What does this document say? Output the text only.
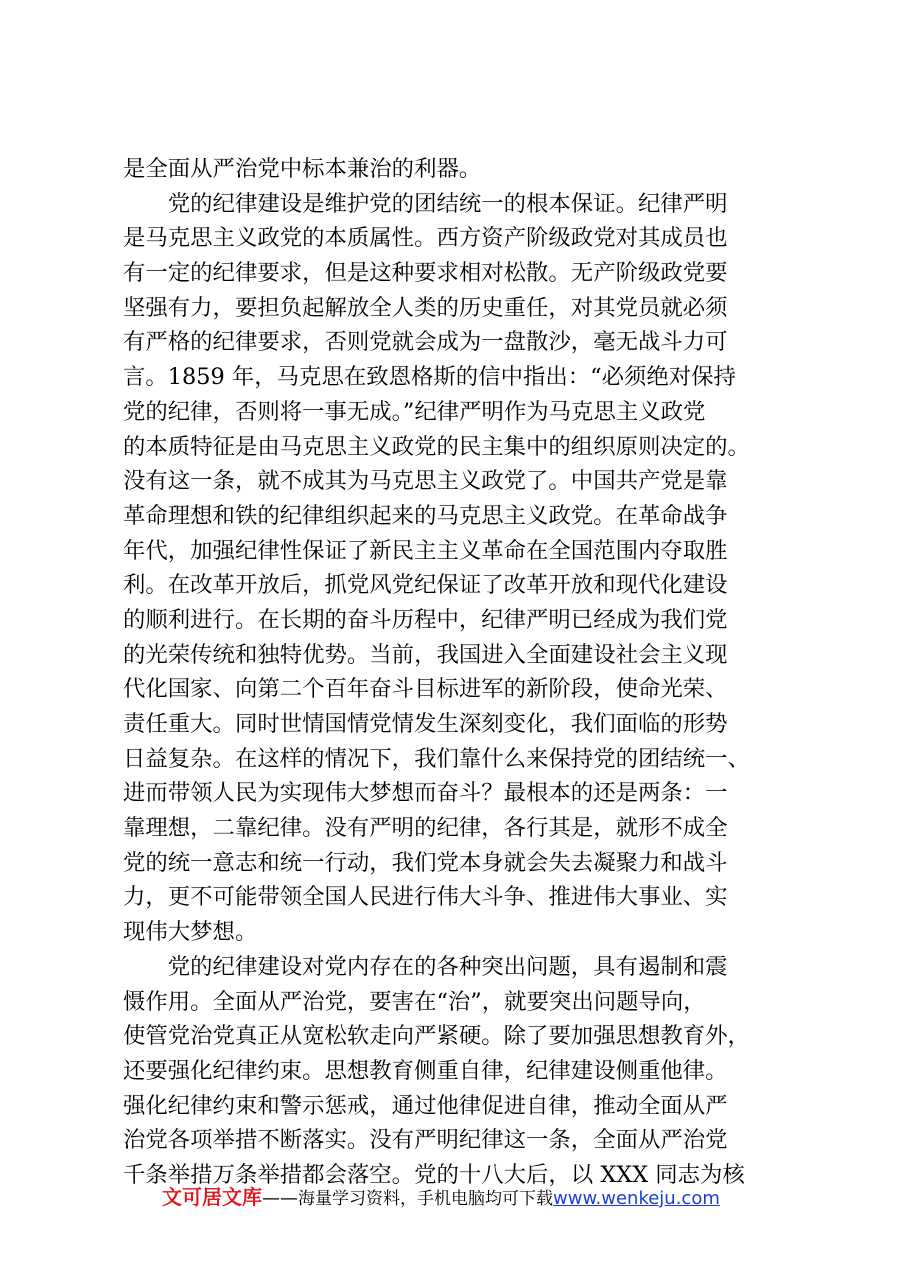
是全面从严治党中标本兼治的利器。

　　党的纪律建设是维护党的团结统一的根本保证。纪律严明

是马克思主义政党的本质属性。西方资产阶级政党对其成员也

有一定的纪律要求，但是这种要求相对松散。无产阶级政党要

坚强有力，要担负起解放全人类的历史重任，对其党员就必须

有严格的纪律要求，否则党就会成为一盘散沙，毫无战斗力可

言。1859 年，马克思在致恩格斯的信中指出：“必须绝对保持

党的纪律，否则将一事无成。”纪律严明作为马克思主义政党

的本质特征是由马克思主义政党的民主集中的组织原则决定的。

没有这一条，就不成其为马克思主义政党了。中国共产党是靠

革命理想和铁的纪律组织起来的马克思主义政党。在革命战争

年代，加强纪律性保证了新民主主义革命在全国范围内夺取胜

利。在改革开放后，抓党风党纪保证了改革开放和现代化建设

的顺利进行。在长期的奋斗历程中，纪律严明已经成为我们党

的光荣传统和独特优势。当前，我国进入全面建设社会主义现

代化国家、向第二个百年奋斗目标进军的新阶段，使命光荣、

责任重大。同时世情国情党情发生深刻变化，我们面临的形势

日益复杂。在这样的情况下，我们靠什么来保持党的团结统一、

进而带领人民为实现伟大梦想而奋斗？最根本的还是两条：一

靠理想，二靠纪律。没有严明的纪律，各行其是，就形不成全

党的统一意志和统一行动，我们党本身就会失去凝聚力和战斗

力，更不可能带领全国人民进行伟大斗争、推进伟大事业、实

现伟大梦想。

　　党的纪律建设对党内存在的各种突出问题，具有遏制和震

慑作用。全面从严治党，要害在“治”，就要突出问题导向，

使管党治党真正从宽松软走向严紧硬。除了要加强思想教育外，

还要强化纪律约束。思想教育侧重自律，纪律建设侧重他律。

强化纪律约束和警示惩戒，通过他律促进自律，推动全面从严

治党各项举措不断落实。没有严明纪律这一条，全面从严治党

千条举措万条举措都会落空。党的十八大后，以 XXX 同志为核

文可居文库——海量学习资料，手机电脑均可下载www.wenkeju.com
